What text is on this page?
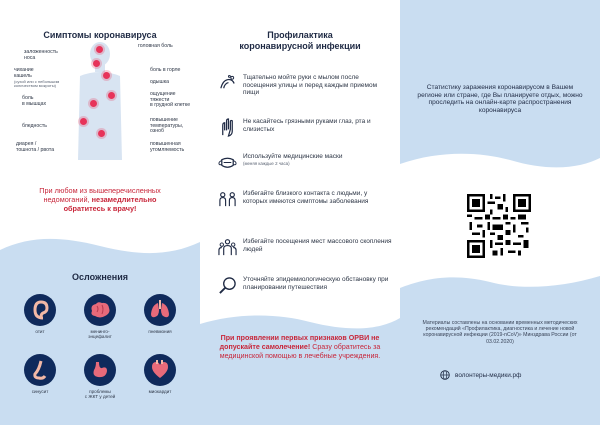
Симптомы коронавируса
заложенность
носа
чихание
кашель
(сухой или с небольшим
количеством мокроты)
боль
в мышцах
бледность
диарея /
тошнота / рвота
головная боль
боль в горле
одышка
ощущение
тяжести
в грудной клетке
повышение
температуры,
озноб
повышенная
утомляемость
При любом из вышеперечисленных недомоганий, незамедлительно обратитесь к врачу!
Осложнения
отит	менинго-
энцефалит
пневмония
синусит	проблемы
с ЖКТ у детей
миокардит
Профилактика
коронавирусной инфекции
Тщательно мойте руки с мылом после посещения улицы и перед каждым приемом пищи
Не касайтесь грязными руками глаз, рта и слизистых
Используйте медицинские маски
(меняя каждые 2 часа)
Избегайте близкого контакта с людьми, у которых имеются симптомы заболевания
Избегайте посещения мест массового скопления людей
Уточняйте эпидемиологическую обстановку при планировании путешествия
При проявлении первых признаков ОРВИ не допускайте самолечение! Сразу обратитесь за медицинской помощью в лечебные учреждения.
Статистику заражения коронавирусом в Вашем регионе или стране, где Вы планируете отдых, можно проследить на онлайн-карте распространения коронавируса
Материалы составлены на основании временных методических рекомендаций «Профилактика, диагностика и лечение новой коронавирусной инфекции (2019-nCoV)» Минздрава России (от 03.02.2020)
волонтеры-медики.рф
